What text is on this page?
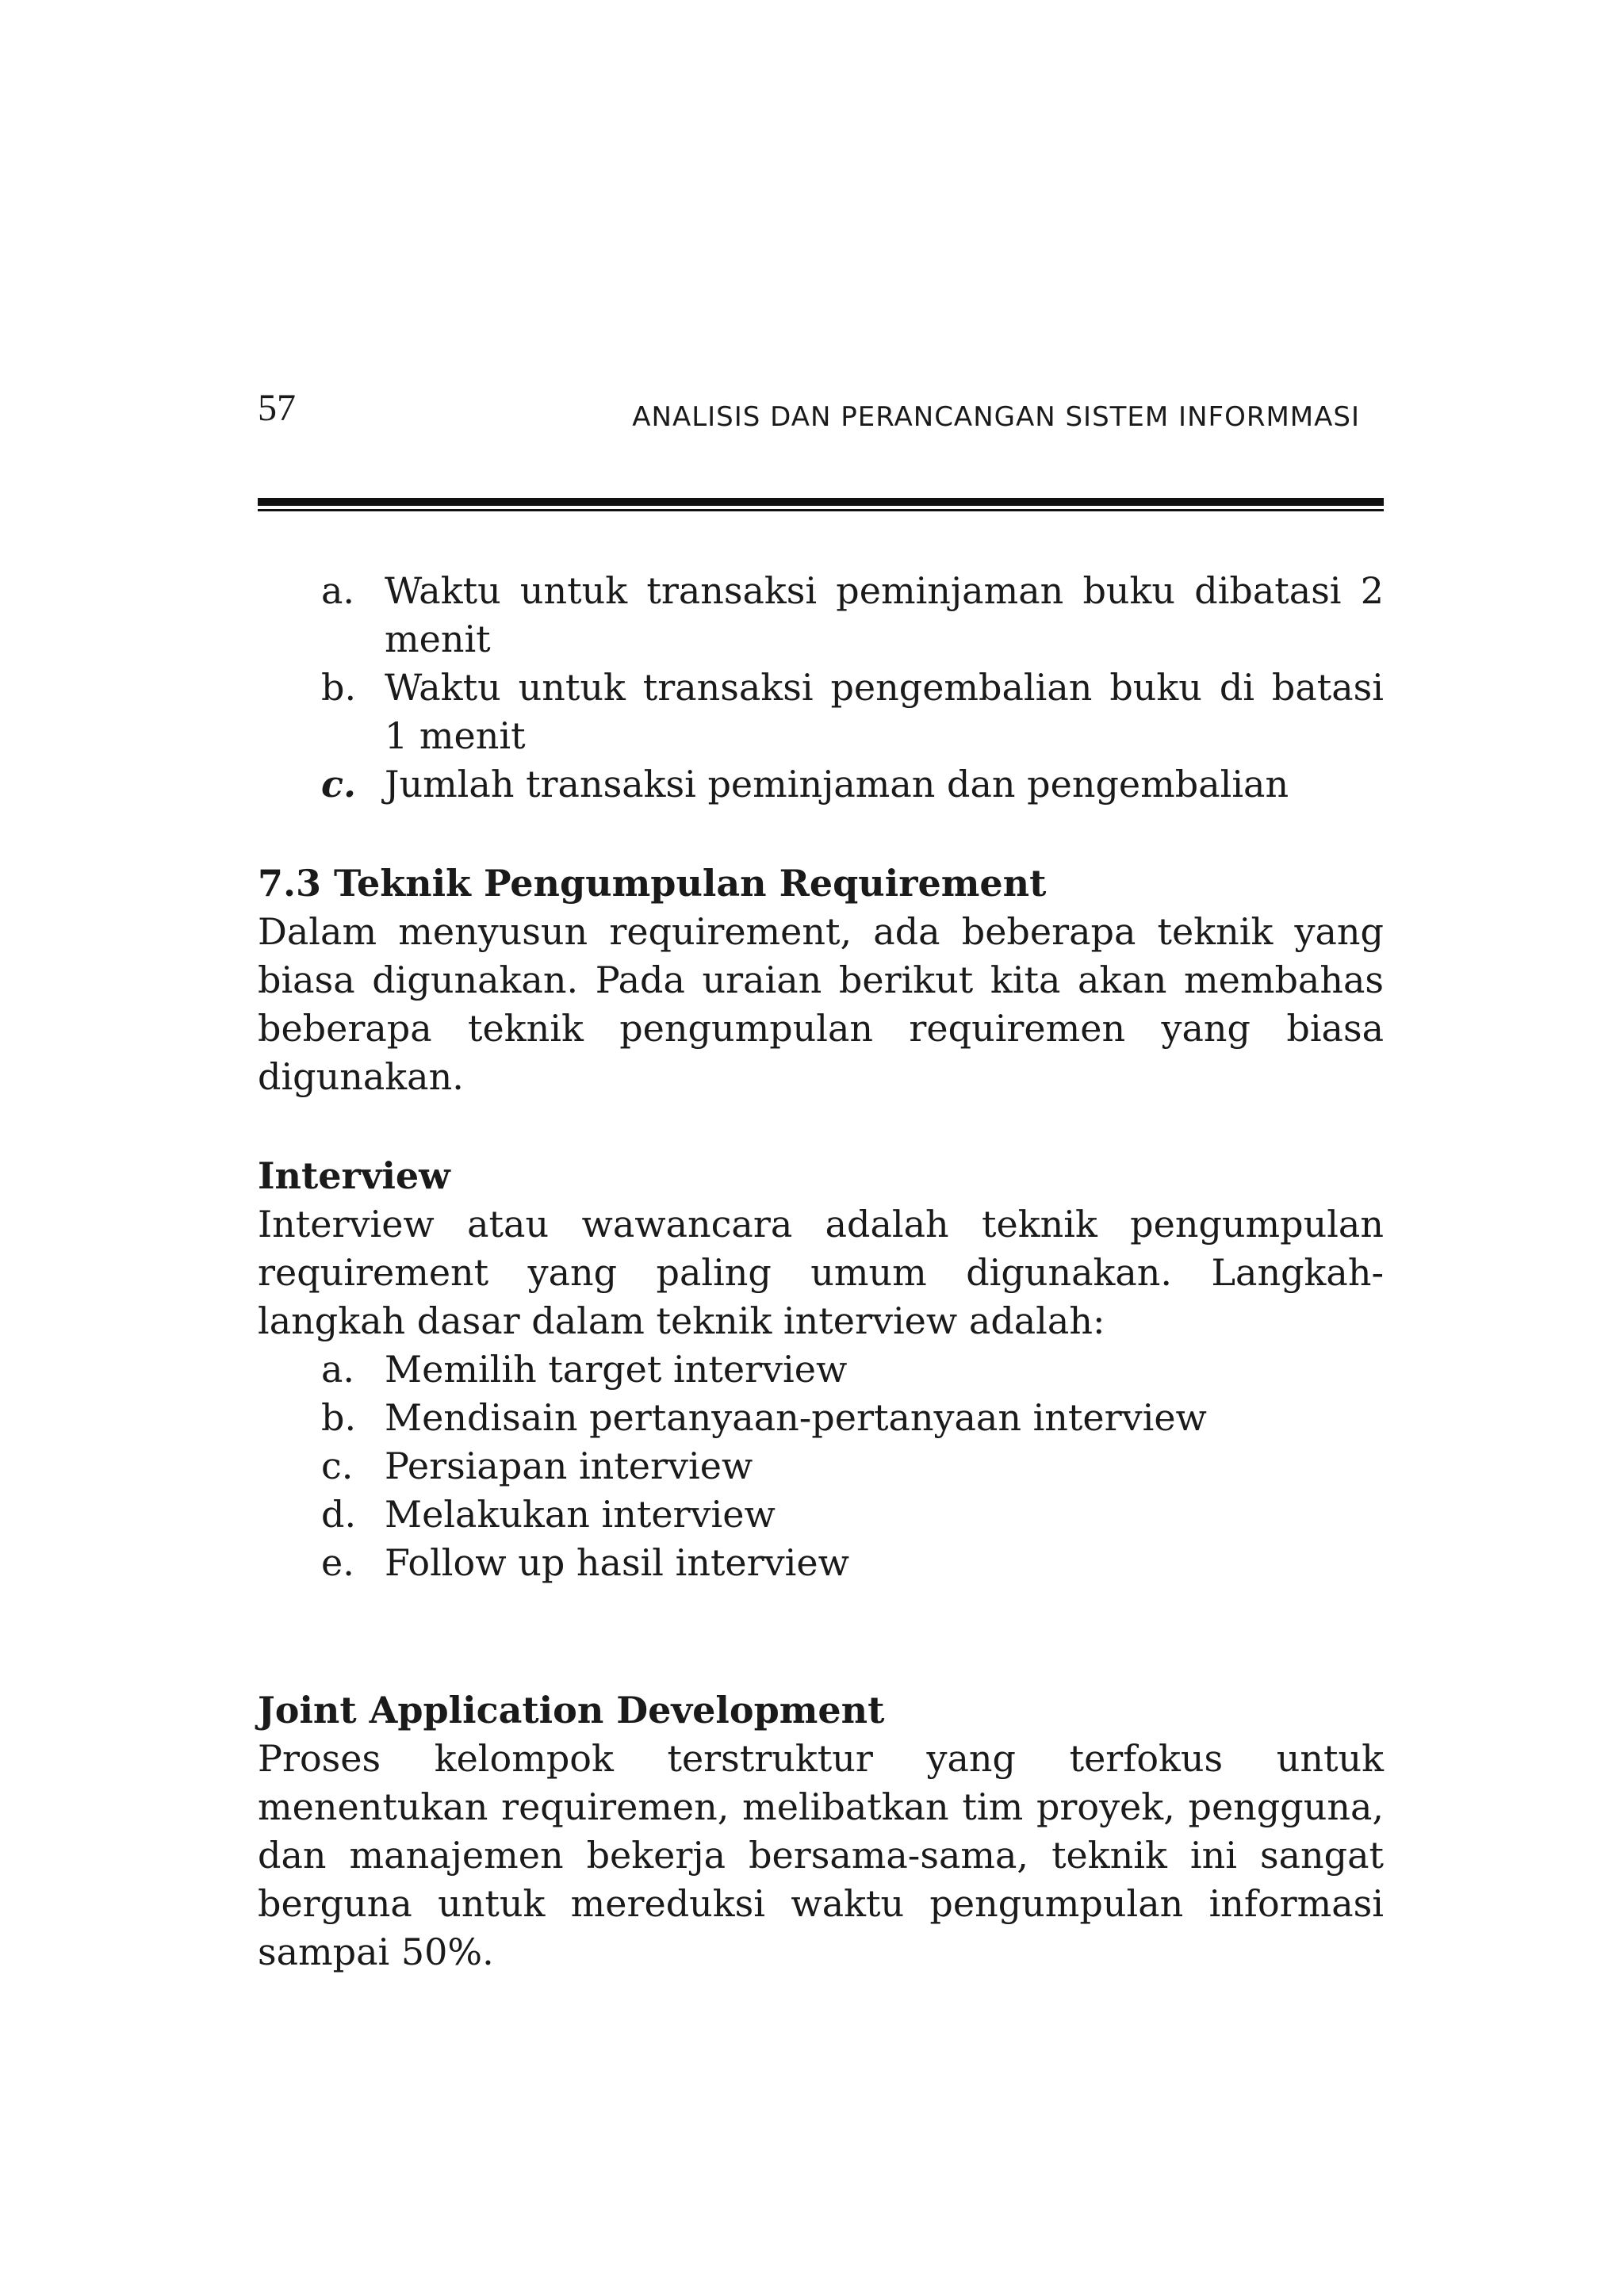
57	ANALISIS DAN PERANCANGAN SISTEM INFORMMASI
a. Waktu untuk transaksi peminjaman buku dibatasi 2 menit
b. Waktu untuk transaksi pengembalian buku di batasi 1 menit
c. Jumlah transaksi peminjaman dan pengembalian
7.3 Teknik Pengumpulan Requirement
Dalam menyusun requirement, ada beberapa teknik yang biasa digunakan. Pada uraian berikut kita akan membahas beberapa teknik pengumpulan requiremen yang biasa digunakan.
Interview
Interview atau wawancara adalah teknik pengumpulan requirement yang paling umum digunakan. Langkah-langkah dasar dalam teknik interview adalah:
a. Memilih target interview
b. Mendisain pertanyaan-pertanyaan interview
c. Persiapan interview
d. Melakukan interview
e. Follow up hasil interview
Joint Application Development
Proses kelompok terstruktur yang terfokus untuk menentukan requiremen, melibatkan tim proyek, pengguna, dan manajemen bekerja bersama-sama, teknik ini sangat berguna untuk mereduksi waktu pengumpulan informasi sampai 50%.
